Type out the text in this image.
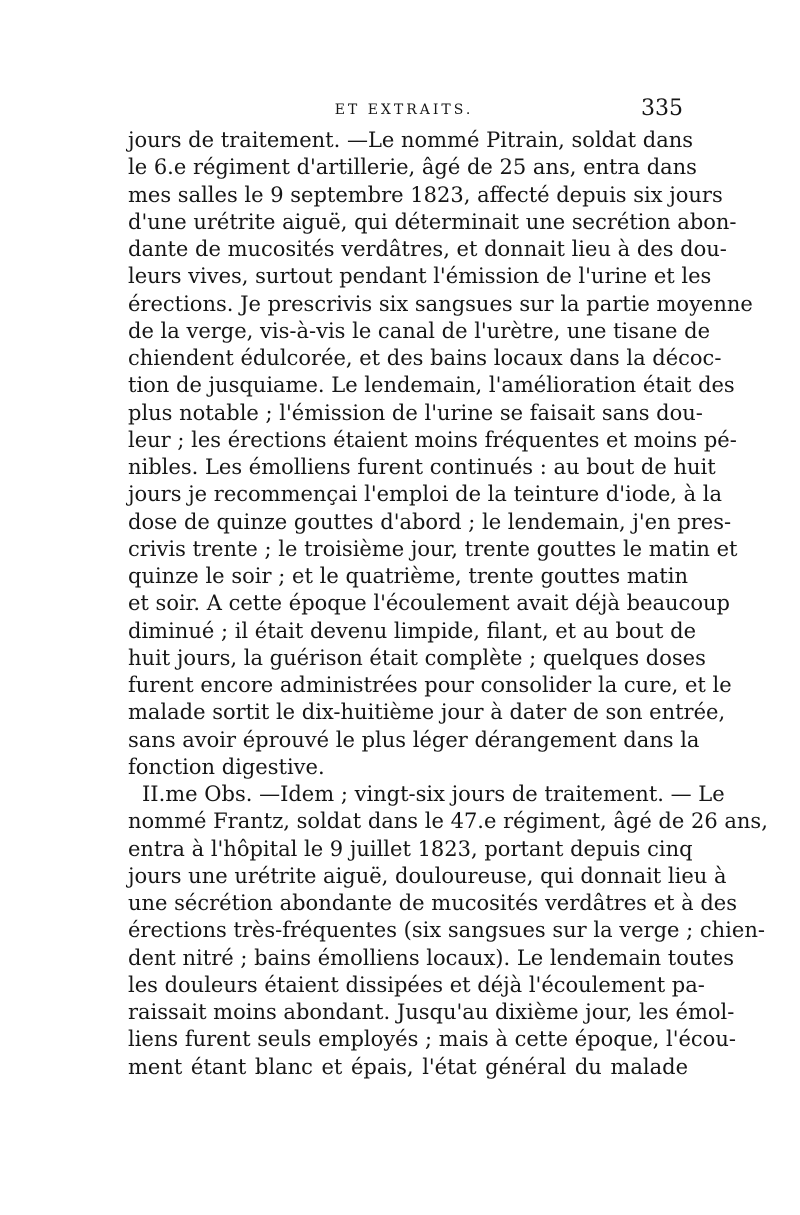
ET EXTRAITS.	335
jours de traitement. —Le nommé Pitrain, soldat dans
le 6.e régiment d'artillerie, âgé de 25 ans, entra dans
mes salles le 9 septembre 1823, affecté depuis six jours
d'une urétrite aiguë, qui déterminait une secrétion abon-
dante de mucosités verdâtres, et donnait lieu à des dou-
leurs vives, surtout pendant l'émission de l'urine et les
érections. Je prescrivis six sangsues sur la partie moyenne
de la verge, vis-à-vis le canal de l'urètre, une tisane de
chiendent édulcorée, et des bains locaux dans la décoc-
tion de jusquiame. Le lendemain, l'amélioration était des
plus notable ; l'émission de l'urine se faisait sans dou-
leur ; les érections étaient moins fréquentes et moins pé-
nibles. Les émolliens furent continués : au bout de huit
jours je recommençai l'emploi de la teinture d'iode, à la
dose de quinze gouttes d'abord ; le lendemain, j'en pres-
crivis trente ; le troisième jour, trente gouttes le matin et
quinze le soir ; et le quatrième, trente gouttes matin
et soir. A cette époque l'écoulement avait déjà beaucoup
diminué ; il était devenu limpide, filant, et au bout de
huit jours, la guérison était complète ; quelques doses
furent encore administrées pour consolider la cure, et le
malade sortit le dix-huitième jour à dater de son entrée,
sans avoir éprouvé le plus léger dérangement dans la
fonction digestive.
II.me Obs. —Idem ; vingt-six jours de traitement. — Le
nommé Frantz, soldat dans le 47.e régiment, âgé de 26 ans,
entra à l'hôpital le 9 juillet 1823, portant depuis cinq
jours une urétrite aiguë, douloureuse, qui donnait lieu à
une sécrétion abondante de mucosités verdâtres et à des
érections très-fréquentes (six sangsues sur la verge ; chien-
dent nitré ; bains émolliens locaux). Le lendemain toutes
les douleurs étaient dissipées et déjà l'écoulement pa-
raissait moins abondant. Jusqu'au dixième jour, les émol-
liens furent seuls employés ; mais à cette époque, l'écou-
ment étant blanc et épais, l'état général du malade
